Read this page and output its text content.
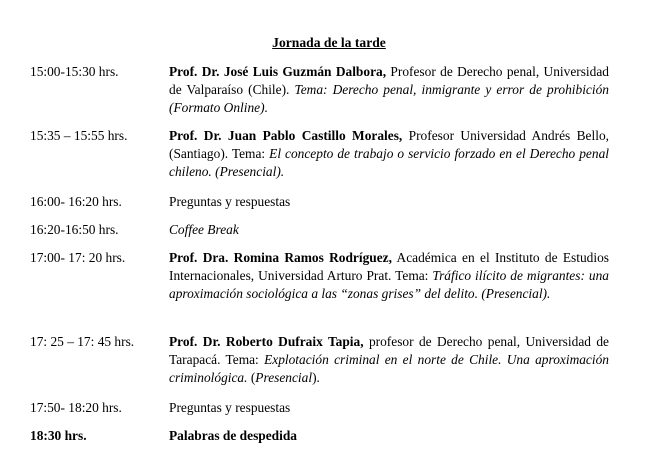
Jornada de la tarde
15:00-15:30 hrs.	Prof. Dr. José Luis Guzmán Dalbora, Profesor de Derecho penal, Universidad de Valparaíso (Chile). Tema: Derecho penal, inmigrante y error de prohibición (Formato Online).
15:35 – 15:55 hrs.	Prof. Dr. Juan Pablo Castillo Morales, Profesor Universidad Andrés Bello, (Santiago). Tema: El concepto de trabajo o servicio forzado en el Derecho penal chileno. (Presencial).
16:00- 16:20 hrs.	Preguntas y respuestas
16:20-16:50 hrs.	Coffee Break
17:00- 17: 20 hrs.	Prof. Dra. Romina Ramos Rodríguez, Académica en el Instituto de Estudios Internacionales, Universidad Arturo Prat. Tema: Tráfico ilícito de migrantes: una aproximación sociológica a las “zonas grises” del delito. (Presencial).
17: 25 – 17: 45 hrs.	Prof. Dr. Roberto Dufraix Tapia, profesor de Derecho penal, Universidad de Tarapacá. Tema: Explotación criminal en el norte de Chile. Una aproximación criminológica. (Presencial).
17:50- 18:20 hrs.	Preguntas y respuestas
18:30 hrs.	Palabras de despedida
